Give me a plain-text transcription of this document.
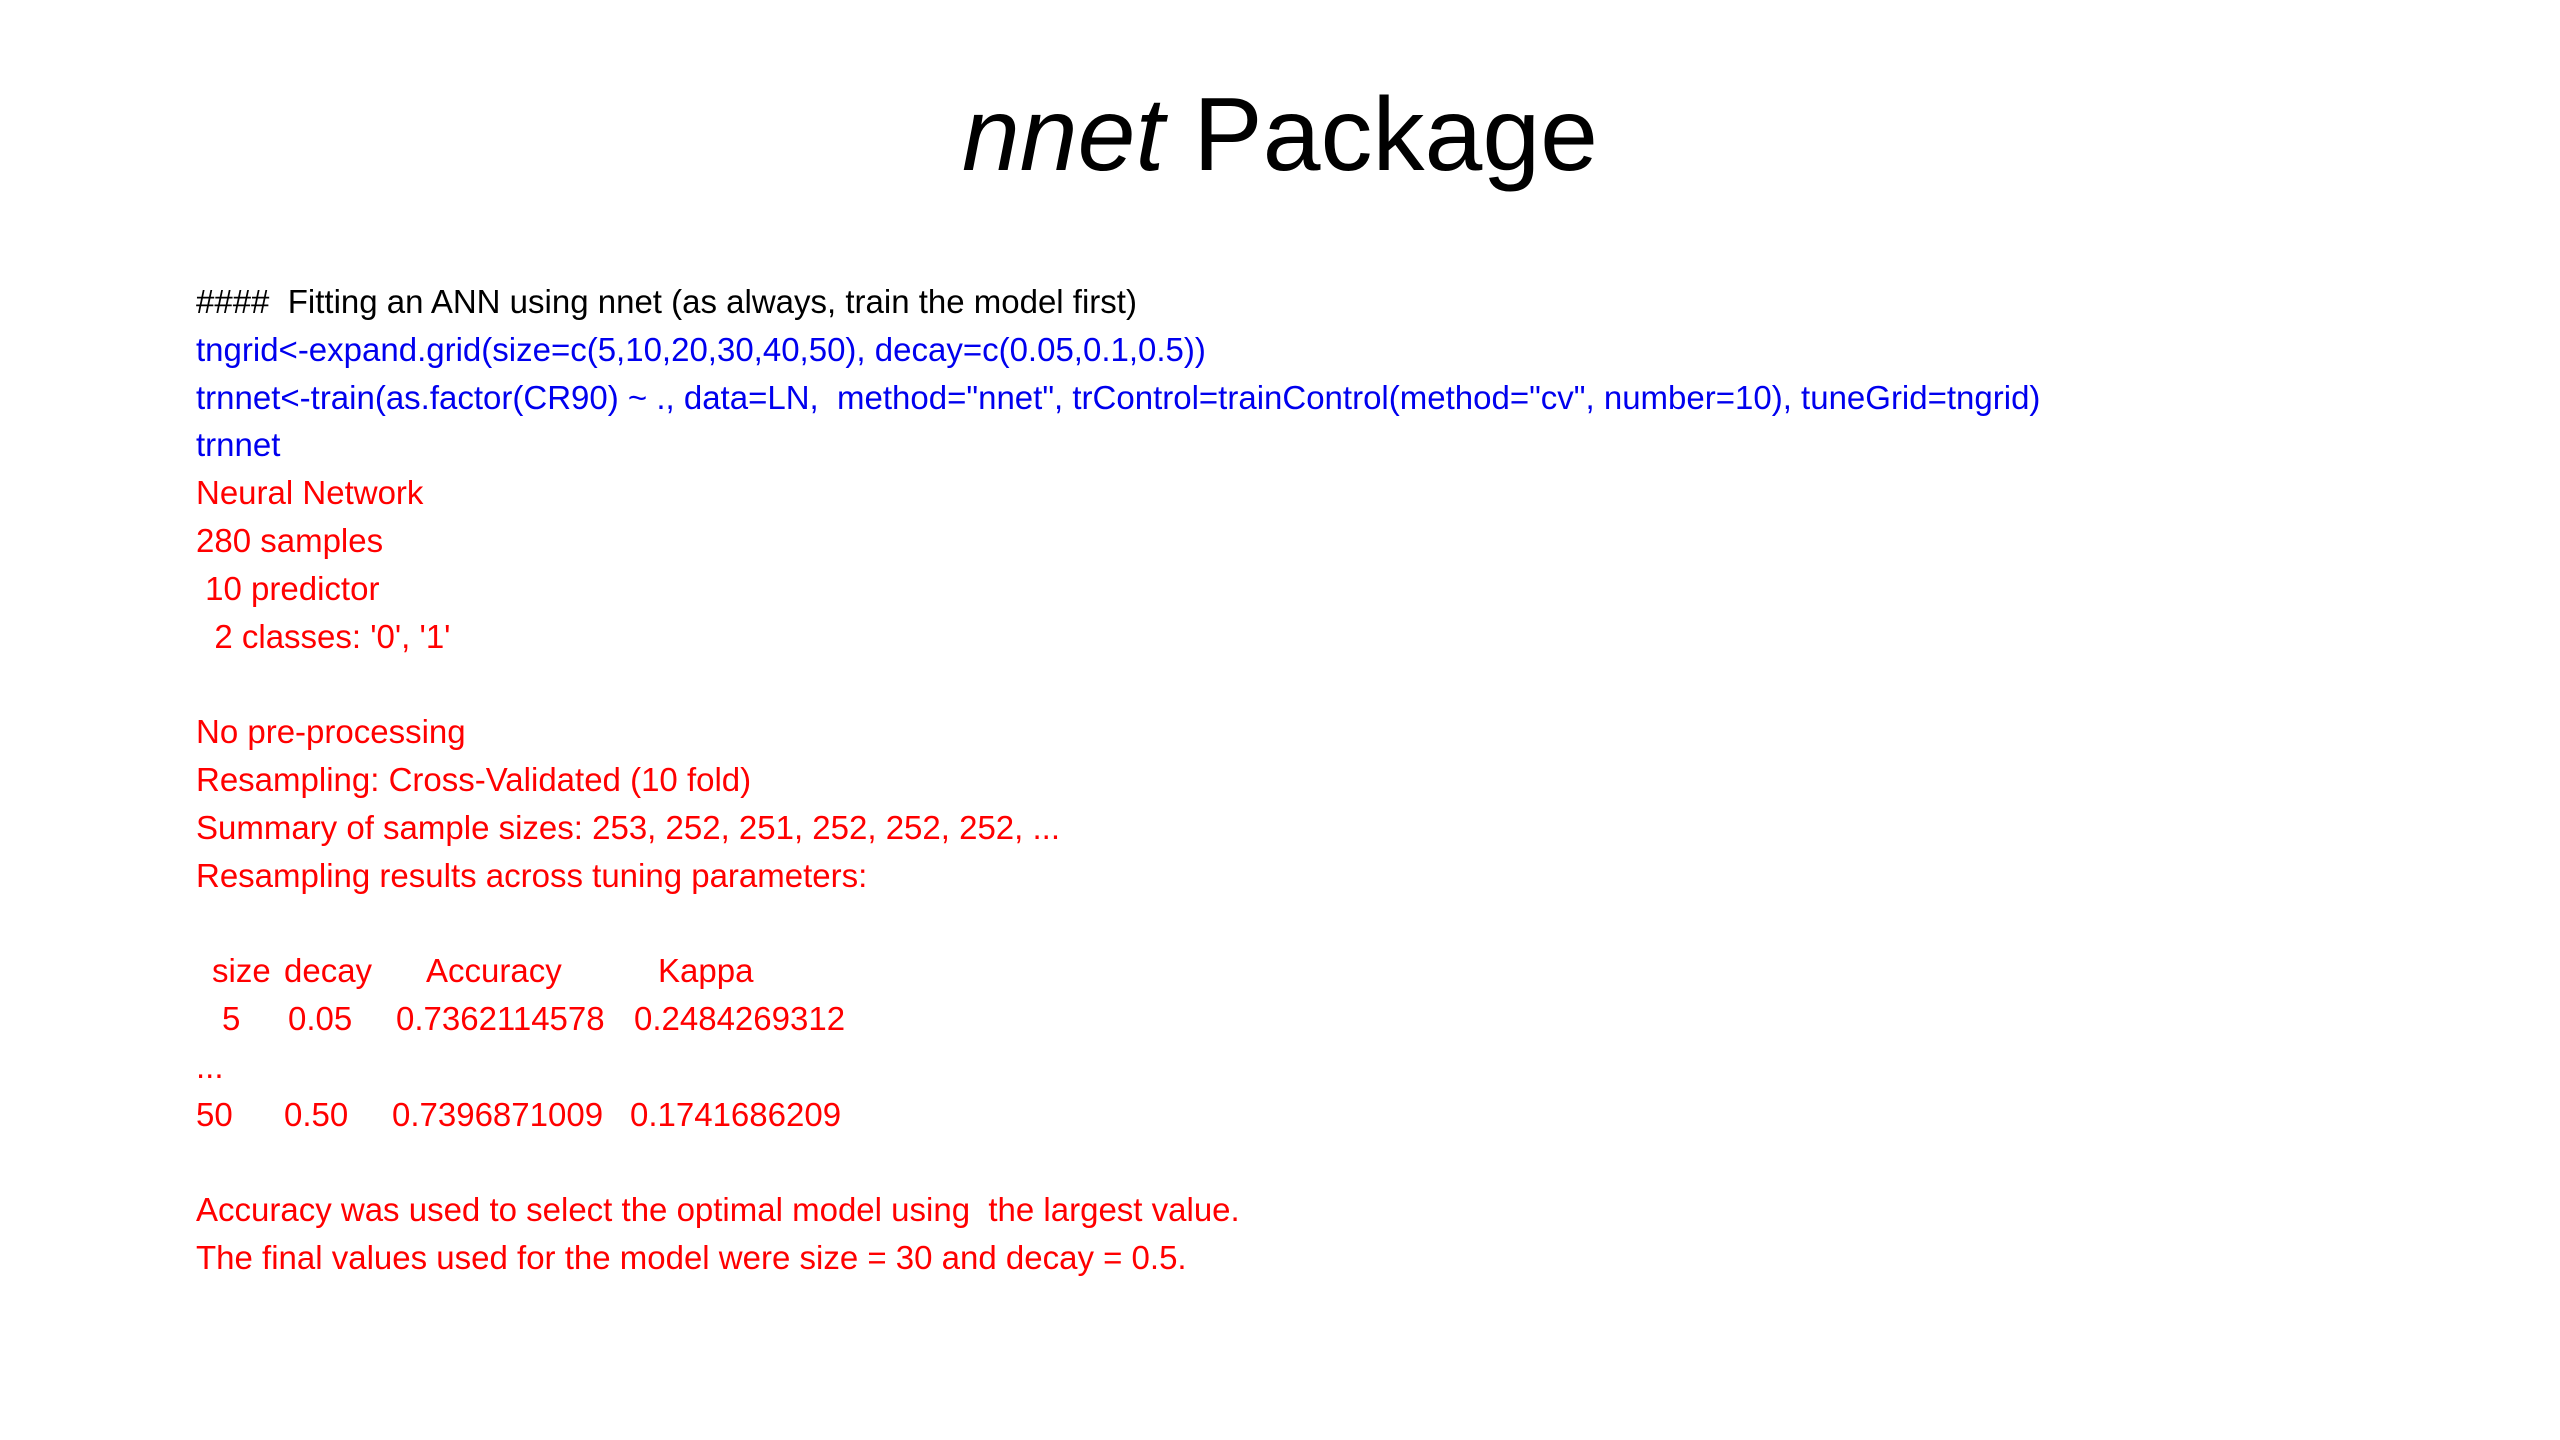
nnet Package
####  Fitting an ANN using nnet (as always, train the model first)
tngrid<-expand.grid(size=c(5,10,20,30,40,50), decay=c(0.05,0.1,0.5))
trnnet<-train(as.factor(CR90) ~ ., data=LN,  method="nnet", trControl=trainControl(method="cv", number=10), tuneGrid=tngrid)
trnnet
Neural Network
280 samples
10 predictor
2 classes: '0', '1'
No pre-processing
Resampling: Cross-Validated (10 fold)
Summary of sample sizes: 253, 252, 251, 252, 252, 252, ...
Resampling results across tuning parameters:
size decay	Accuracy	Kappa
5	0.05	0.7362114578 0.2484269312
...
50	0.50	0.7396871009 0.1741686209
Accuracy was used to select the optimal model using  the largest value.
The final values used for the model were size = 30 and decay = 0.5.
